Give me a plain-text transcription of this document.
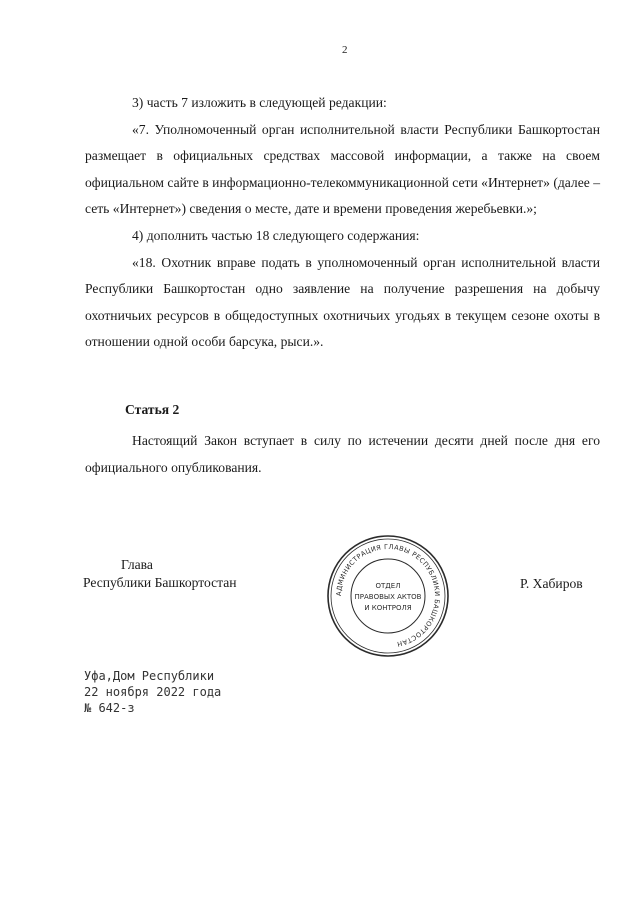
2

3) часть 7 изложить в следующей редакции:

«7. Уполномоченный орган исполнительной власти Республики Башкортостан размещает в официальных средствах массовой информации, а также на своем официальном сайте в информационно-телекоммуникационной сети «Интернет» (далее – сеть «Интернет») сведения о месте, дате и времени проведения жеребьевки.»;

4) дополнить частью 18 следующего содержания:

«18. Охотник вправе подать в уполномоченный орган исполнительной власти Республики Башкортостан одно заявление на получение разрешения на добычу охотничьих ресурсов в общедоступных охотничьих угодьях в текущем сезоне охоты в отношении одной особи барсука, рыси.».

Статья 2

Настоящий Закон вступает в силу по истечении десяти дней после дня его официального опубликования.

Глава
Республики Башкортостан
АДМИНИСТРАЦИЯ ГЛАВЫ РЕСПУБЛИКИ БАШКОРТОСТАН
ОТДЕЛ
ПРАВОВЫХ АКТОВ
И КОНТРОЛЯ
Р. Хабиров
Уфа,Дом Республики
22 ноября 2022 года
№ 642-з
